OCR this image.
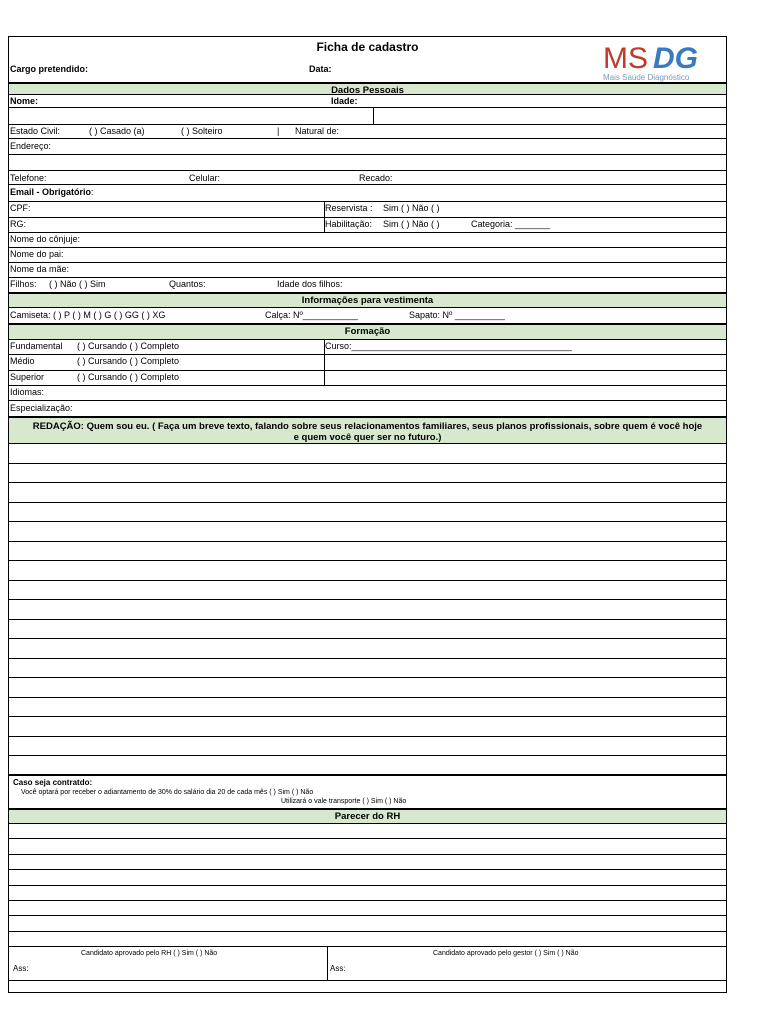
Ficha de cadastro	MS DG
Mais Saúde Diagnóstico
Cargo pretendido:	Data:
Dados Pessoais
Nome:	Idade:
Estado Civil:	( ) Casado (a)	( ) Solteiro	| Natural de:
Endereço:
Telefone:	Celular:	Recado:
Email - Obrigatório:
CPF:	Reservista : Sim ( ) Não ( )
RG:	Habilitação: Sim ( ) Não ( )	Categoria: _______
Nome do cônjuje:
Nome do pai:
Nome da mãe:
Filhos: ( ) Não ( ) Sim	Quantos:	Idade dos filhos:
Informações para vestimenta
Camiseta: ( ) P ( ) M ( ) G ( ) GG ( ) XG	Calça: Nº___________	Sapato: Nº __________
Formação
Fundamental ( ) Cursando ( ) Completo	Curso:____________________________________________
Médio	( ) Cursando ( ) Completo
Superior	( ) Cursando ( ) Completo
Idiomas:
Especialização:
REDAÇÃO: Quem sou eu. ( Faça um breve texto, falando sobre seus relacionamentos familiares, seus planos profissionais, sobre quem é você hoje
e quem você quer ser no futuro.)
Caso seja contratdo:
Você optará por receber o adiantamento de 30% do salário dia 20 de cada mês ( ) Sim ( ) Não
Utilizará o vale transporte ( ) Sim ( ) Não
Parecer do RH
Candidato aprovado pelo RH ( ) Sim ( ) Não	Candidato aprovado pelo gestor ( ) Sim ( ) Não
Ass:	Ass:
